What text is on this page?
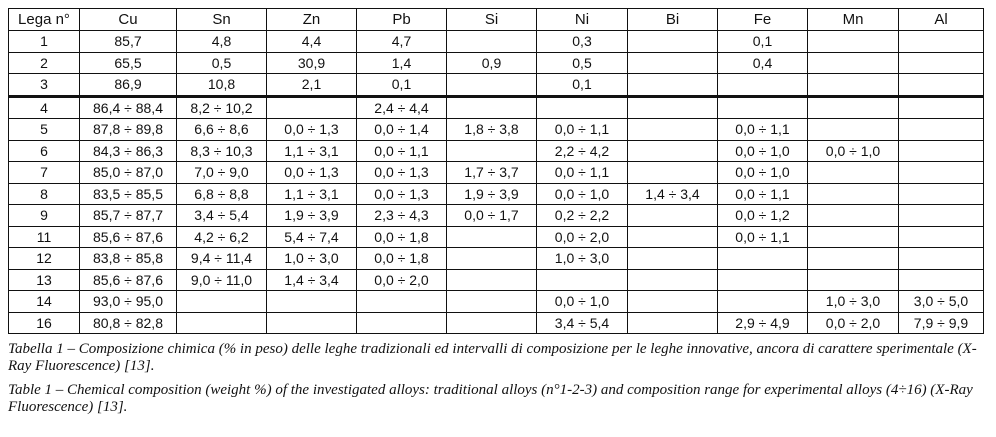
Lega n°	Cu	Sn	Zn	Pb	Si	Ni	Bi	Fe	Mn	Al
1	85,7	4,8	4,4	4,7		0,3		0,1		
2	65,5	0,5	30,9	1,4	0,9	0,5		0,4		
3	86,9	10,8	2,1	0,1		0,1				
4	86,4 ÷ 88,4	8,2 ÷ 10,2		2,4 ÷ 4,4						
5	87,8 ÷ 89,8	6,6 ÷ 8,6	0,0 ÷ 1,3	0,0 ÷ 1,4	1,8 ÷ 3,8	0,0 ÷ 1,1		0,0 ÷ 1,1		
6	84,3 ÷ 86,3	8,3 ÷ 10,3	1,1 ÷ 3,1	0,0 ÷ 1,1		2,2 ÷ 4,2		0,0 ÷ 1,0	0,0 ÷ 1,0	
7	85,0 ÷ 87,0	7,0 ÷ 9,0	0,0 ÷ 1,3	0,0 ÷ 1,3	1,7 ÷ 3,7	0,0 ÷ 1,1		0,0 ÷ 1,0		
8	83,5 ÷ 85,5	6,8 ÷ 8,8	1,1 ÷ 3,1	0,0 ÷ 1,3	1,9 ÷ 3,9	0,0 ÷ 1,0	1,4 ÷ 3,4	0,0 ÷ 1,1		
9	85,7 ÷ 87,7	3,4 ÷ 5,4	1,9 ÷ 3,9	2,3 ÷ 4,3	0,0 ÷ 1,7	0,2 ÷ 2,2		0,0 ÷ 1,2		
11	85,6 ÷ 87,6	4,2 ÷ 6,2	5,4 ÷ 7,4	0,0 ÷ 1,8		0,0 ÷ 2,0		0,0 ÷ 1,1		
12	83,8 ÷ 85,8	9,4 ÷ 11,4	1,0 ÷ 3,0	0,0 ÷ 1,8		1,0 ÷ 3,0				
13	85,6 ÷ 87,6	9,0 ÷ 11,0	1,4 ÷ 3,4	0,0 ÷ 2,0						
14	93,0 ÷ 95,0					0,0 ÷ 1,0			1,0 ÷ 3,0	3,0 ÷ 5,0
16	80,8 ÷ 82,8					3,4 ÷ 5,4		2,9 ÷ 4,9	0,0 ÷ 2,0	7,9 ÷ 9,9

Tabella 1 – Composizione chimica (% in peso) delle leghe tradizionali ed intervalli di composizione per le leghe innovative, ancora di carattere sperimentale (X-Ray Fluorescence) [13].

Table 1 – Chemical composition (weight %) of the investigated alloys: traditional alloys (n°1-2-3) and composition range for experimental alloys (4÷16) (X-Ray Fluorescence) [13].
